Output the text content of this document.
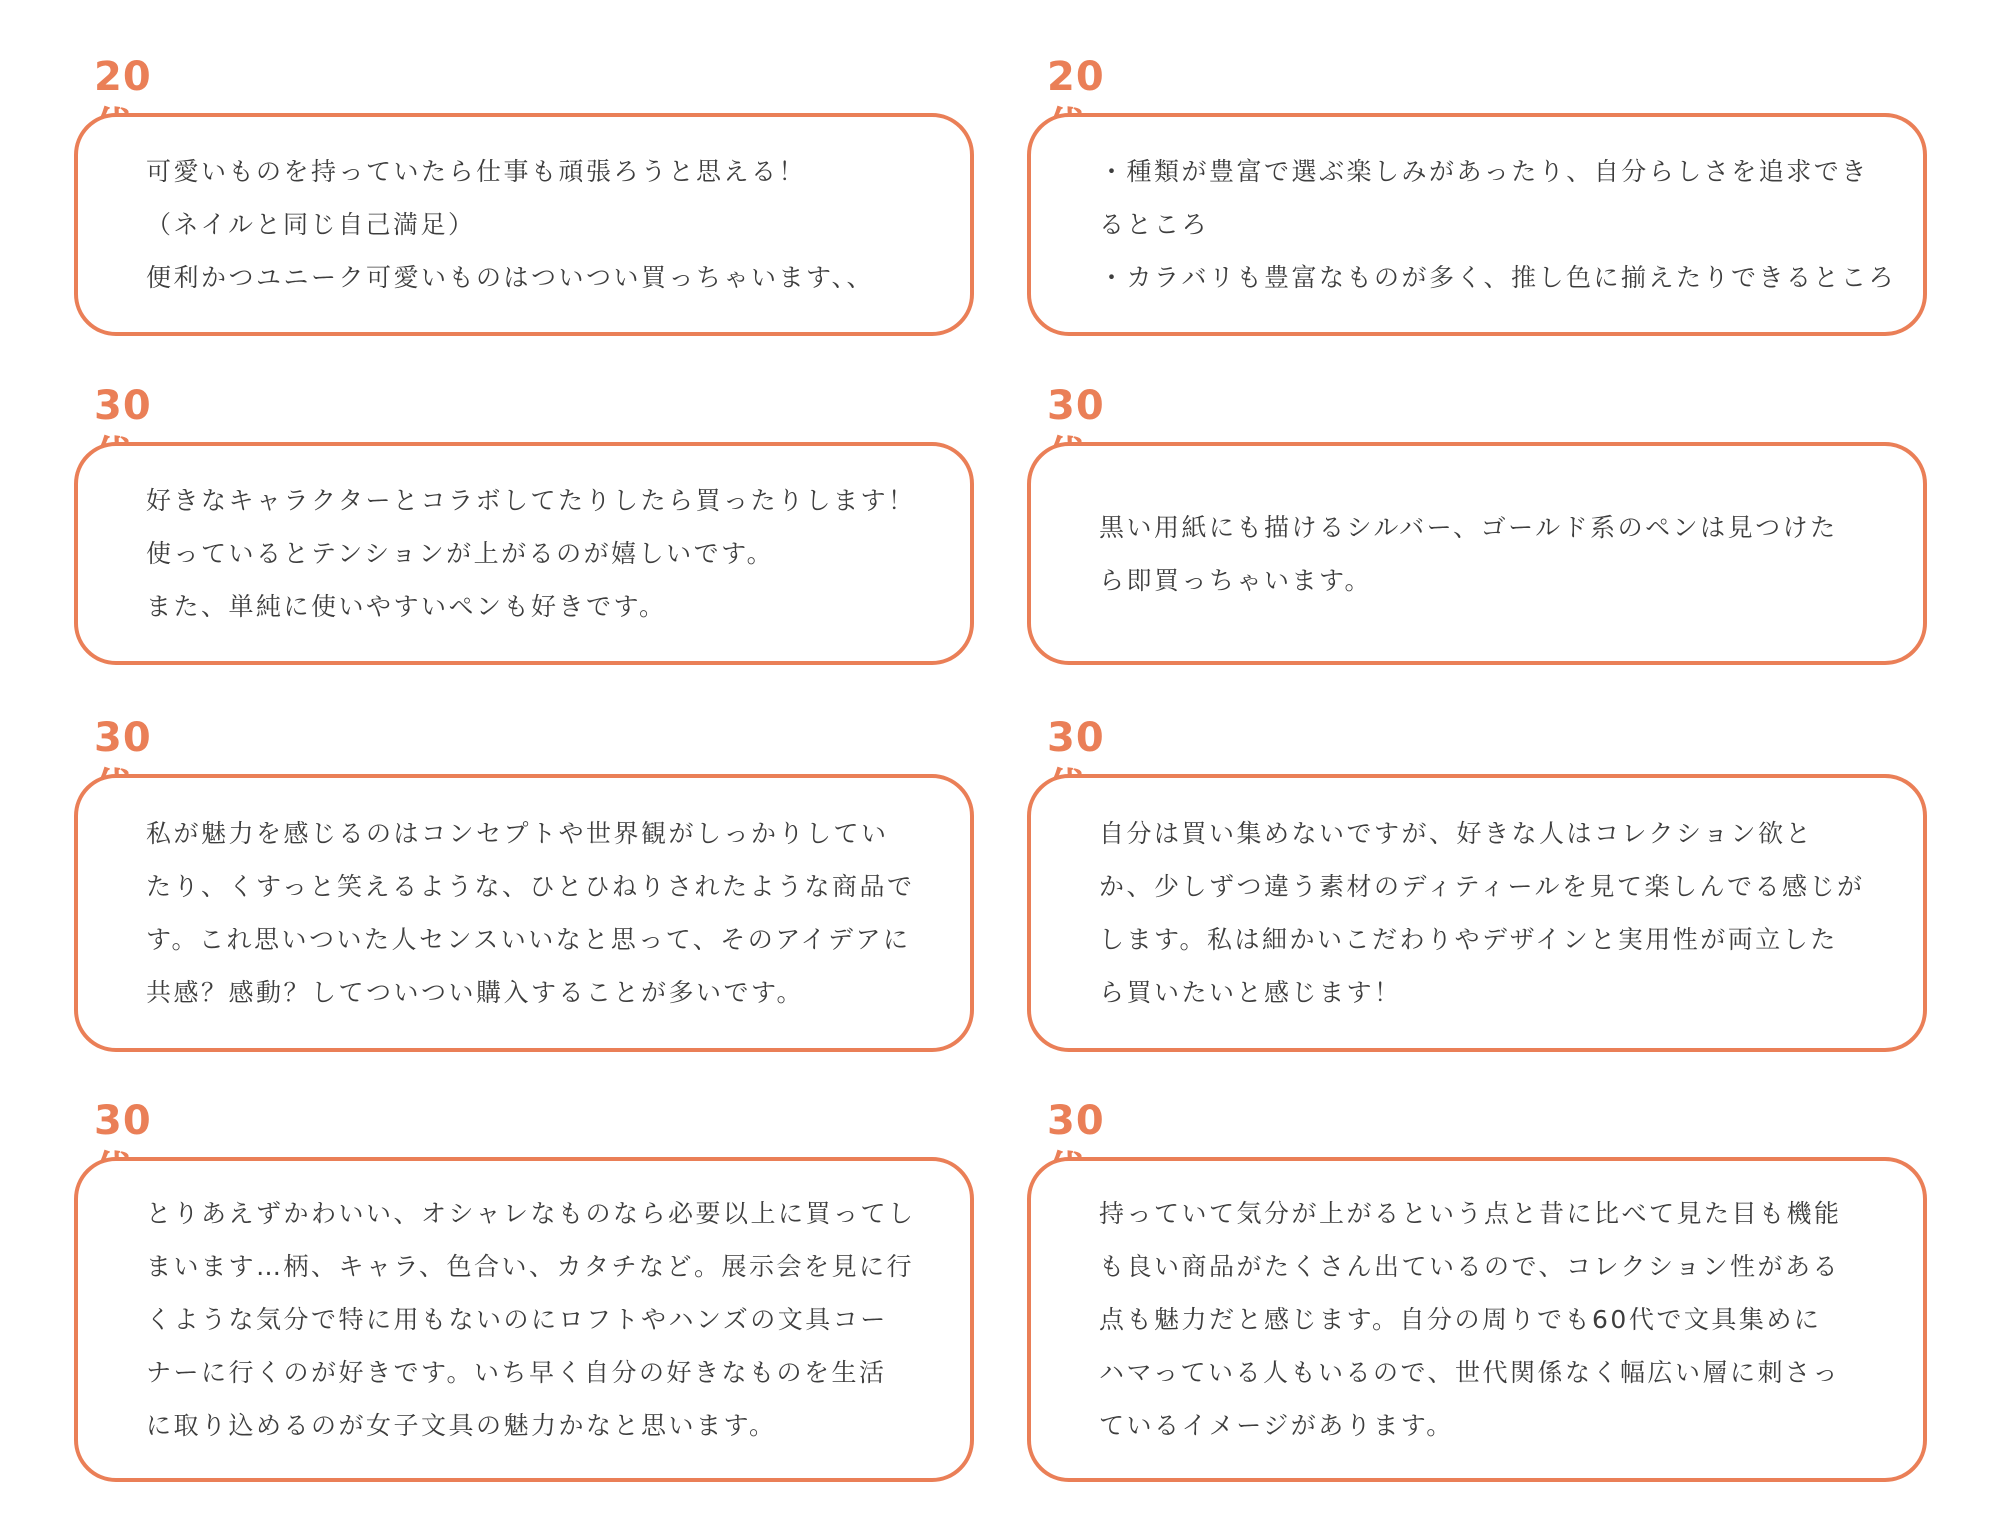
20
可愛いものを持っていたら仕事も頑張ろうと思える！
（ネイルと同じ自己満足）
便利かつユニーク可愛いものはついつい買っちゃいます、、
30
好きなキャラクターとコラボしてたりしたら買ったりします！
使っているとテンションが上がるのが嬉しいです。
また、単純に使いやすいペンも好きです。
30
私が魅力を感じるのはコンセプトや世界観がしっかりしてい
たり、くすっと笑えるような、ひとひねりされたような商品で
す。これ思いついた人センスいいなと思って、そのアイデアに
共感？感動？してついつい購入することが多いです。
30
とりあえずかわいい、オシャレなものなら必要以上に買ってし
まいます…柄、キャラ、色合い、カタチなど。展示会を見に行
くような気分で特に用もないのにロフトやハンズの文具コー
ナーに行くのが好きです。いち早く自分の好きなものを生活
に取り込めるのが女子文具の魅力かなと思います。
20
・種類が豊富で選ぶ楽しみがあったり、自分らしさを追求でき
るところ
・カラバリも豊富なものが多く、推し色に揃えたりできるところ
30
黒い用紙にも描けるシルバー、ゴールド系のペンは見つけた
ら即買っちゃいます。
30
自分は買い集めないですが、好きな人はコレクション欲と
か、少しずつ違う素材のディティールを見て楽しんでる感じが
します。私は細かいこだわりやデザインと実用性が両立した
ら買いたいと感じます！
30
持っていて気分が上がるという点と昔に比べて見た目も機能
も良い商品がたくさん出ているので、コレクション性がある
点も魅力だと感じます。自分の周りでも60代で文具集めに
ハマっている人もいるので、世代関係なく幅広い層に刺さっ
ているイメージがあります。
